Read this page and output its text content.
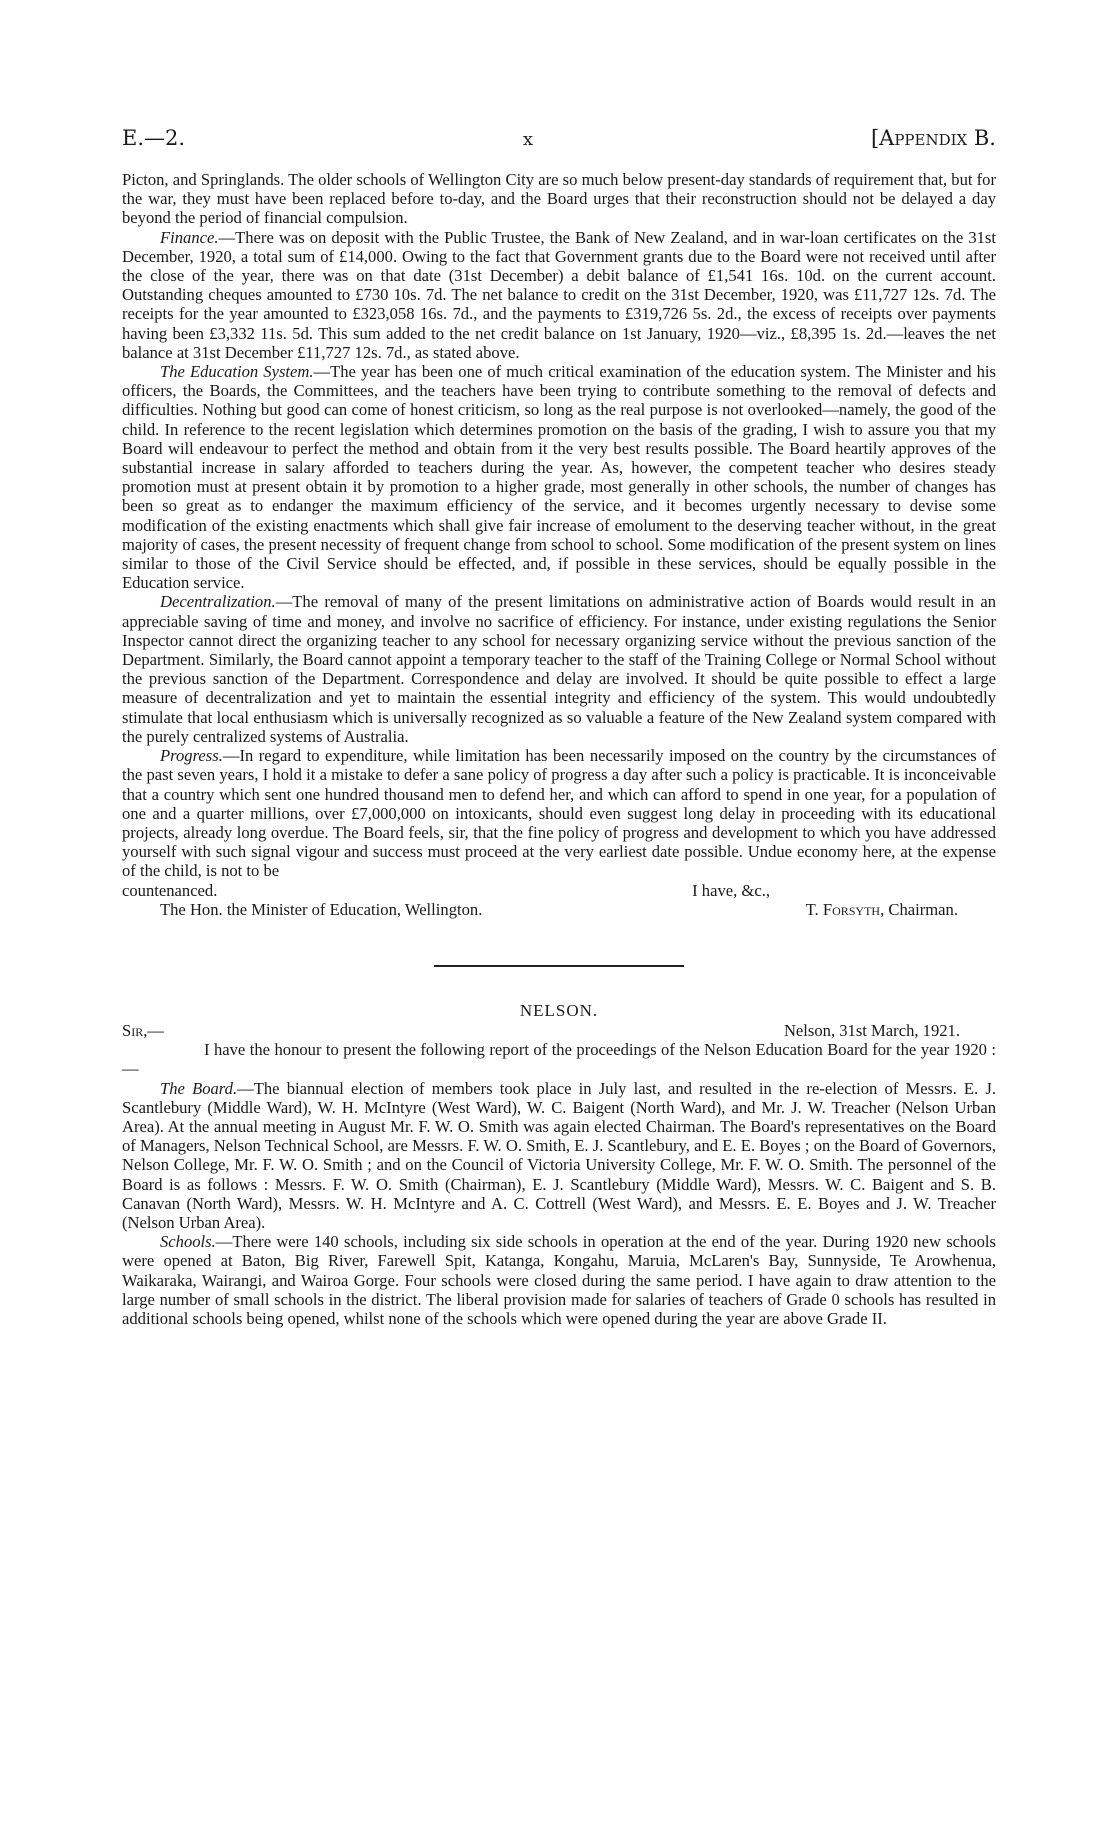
E.—2.	x	[Appendix B.

Picton, and Springlands. The older schools of Wellington City are so much below present-day standards of requirement that, but for the war, they must have been replaced before to-day, and the Board urges that their reconstruction should not be delayed a day beyond the period of financial compulsion.

Finance.—There was on deposit with the Public Trustee, the Bank of New Zealand, and in war-loan certificates on the 31st December, 1920, a total sum of £14,000. Owing to the fact that Government grants due to the Board were not received until after the close of the year, there was on that date (31st December) a debit balance of £1,541 16s. 10d. on the current account. Outstanding cheques amounted to £730 10s. 7d. The net balance to credit on the 31st December, 1920, was £11,727 12s. 7d. The receipts for the year amounted to £323,058 16s. 7d., and the payments to £319,726 5s. 2d., the excess of receipts over payments having been £3,332 11s. 5d. This sum added to the net credit balance on 1st January, 1920—viz., £8,395 1s. 2d.—leaves the net balance at 31st December £11,727 12s. 7d., as stated above.

The Education System.—The year has been one of much critical examination of the education system. The Minister and his officers, the Boards, the Committees, and the teachers have been trying to contribute something to the removal of defects and difficulties. Nothing but good can come of honest criticism, so long as the real purpose is not overlooked—namely, the good of the child. In reference to the recent legislation which determines promotion on the basis of the grading, I wish to assure you that my Board will endeavour to perfect the method and obtain from it the very best results possible. The Board heartily approves of the substantial increase in salary afforded to teachers during the year. As, however, the competent teacher who desires steady promotion must at present obtain it by promotion to a higher grade, most generally in other schools, the number of changes has been so great as to endanger the maximum efficiency of the service, and it becomes urgently necessary to devise some modification of the existing enactments which shall give fair increase of emolument to the deserving teacher without, in the great majority of cases, the present necessity of frequent change from school to school. Some modification of the present system on lines similar to those of the Civil Service should be effected, and, if possible in these services, should be equally possible in the Education service.

Decentralization.—The removal of many of the present limitations on administrative action of Boards would result in an appreciable saving of time and money, and involve no sacrifice of efficiency. For instance, under existing regulations the Senior Inspector cannot direct the organizing teacher to any school for necessary organizing service without the previous sanction of the Department. Similarly, the Board cannot appoint a temporary teacher to the staff of the Training College or Normal School without the previous sanction of the Department. Correspondence and delay are involved. It should be quite possible to effect a large measure of decentralization and yet to maintain the essential integrity and efficiency of the system. This would undoubtedly stimulate that local enthusiasm which is universally recognized as so valuable a feature of the New Zealand system compared with the purely centralized systems of Australia.

Progress.—In regard to expenditure, while limitation has been necessarily imposed on the country by the circumstances of the past seven years, I hold it a mistake to defer a sane policy of progress a day after such a policy is practicable. It is inconceivable that a country which sent one hundred thousand men to defend her, and which can afford to spend in one year, for a population of one and a quarter millions, over £7,000,000 on intoxicants, should even suggest long delay in proceeding with its educational projects, already long overdue. The Board feels, sir, that the fine policy of progress and development to which you have addressed yourself with such signal vigour and success must proceed at the very earliest date possible. Undue economy here, at the expense of the child, is not to be

countenanced.	I have, &c.,
The Hon. the Minister of Education, Wellington.	T. Forsyth, Chairman.
NELSON.
Sir,—	Nelson, 31st March, 1921.

I have the honour to present the following report of the proceedings of the Nelson Education Board for the year 1920 :—

The Board.—The biannual election of members took place in July last, and resulted in the re-election of Messrs. E. J. Scantlebury (Middle Ward), W. H. McIntyre (West Ward), W. C. Baigent (North Ward), and Mr. J. W. Treacher (Nelson Urban Area). At the annual meeting in August Mr. F. W. O. Smith was again elected Chairman. The Board's representatives on the Board of Managers, Nelson Technical School, are Messrs. F. W. O. Smith, E. J. Scantlebury, and E. E. Boyes ; on the Board of Governors, Nelson College, Mr. F. W. O. Smith ; and on the Council of Victoria University College, Mr. F. W. O. Smith. The personnel of the Board is as follows : Messrs. F. W. O. Smith (Chairman), E. J. Scantlebury (Middle Ward), Messrs. W. C. Baigent and S. B. Canavan (North Ward), Messrs. W. H. McIntyre and A. C. Cottrell (West Ward), and Messrs. E. E. Boyes and J. W. Treacher (Nelson Urban Area).

Schools.—There were 140 schools, including six side schools in operation at the end of the year. During 1920 new schools were opened at Baton, Big River, Farewell Spit, Katanga, Kongahu, Maruia, McLaren's Bay, Sunnyside, Te Arowhenua, Waikaraka, Wairangi, and Wairoa Gorge. Four schools were closed during the same period. I have again to draw attention to the large number of small schools in the district. The liberal provision made for salaries of teachers of Grade 0 schools has resulted in additional schools being opened, whilst none of the schools which were opened during the year are above Grade II.
